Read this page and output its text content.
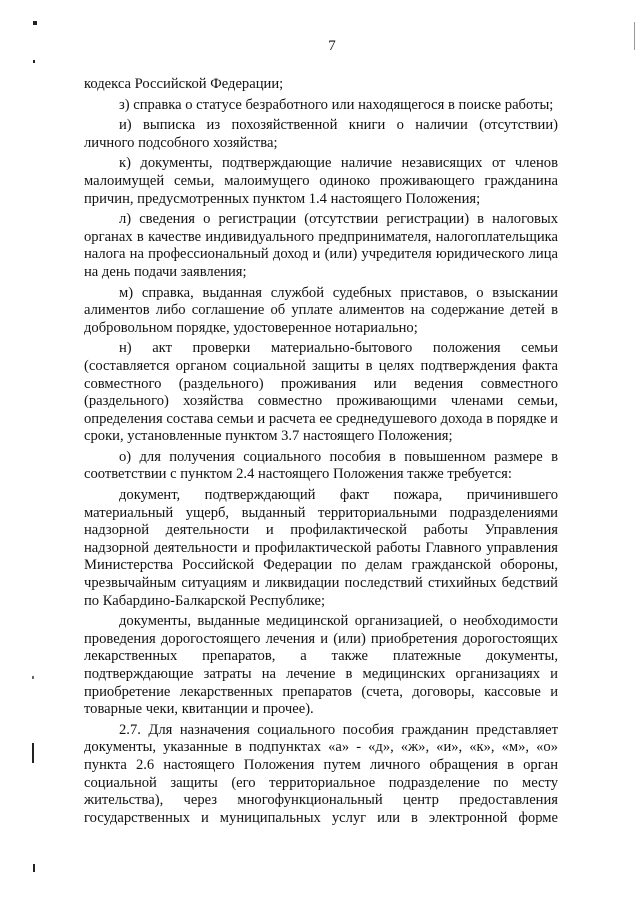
7

кодекса Российской Федерации;

з) справка о статусе безработного или находящегося в поиске работы;

и) выписка из похозяйственной книги о наличии (отсутствии) личного подсобного хозяйства;

к) документы, подтверждающие наличие независящих от членов малоимущей семьи, малоимущего одиноко проживающего гражданина причин, предусмотренных пунктом 1.4 настоящего Положения;

л) сведения о регистрации (отсутствии регистрации) в налоговых органах в качестве индивидуального предпринимателя, налогоплательщика налога на профессиональный доход и (или) учредителя юридического лица на день подачи заявления;

м) справка, выданная службой судебных приставов, о взыскании алиментов либо соглашение об уплате алиментов на содержание детей в добровольном порядке, удостоверенное нотариально;

н) акт проверки материально-бытового положения семьи (составляется органом социальной защиты в целях подтверждения факта совместного (раздельного) проживания или ведения совместного (раздельного) хозяйства совместно проживающими членами семьи, определения состава семьи и расчета ее среднедушевого дохода в порядке и сроки, установленные пунктом 3.7 настоящего Положения;

о) для получения социального пособия в повышенном размере в соответствии с пунктом 2.4 настоящего Положения также требуется:

документ, подтверждающий факт пожара, причинившего материальный ущерб, выданный территориальными подразделениями надзорной деятельности и профилактической работы Управления надзорной деятельности и профилактической работы Главного управления Министерства Российской Федерации по делам гражданской обороны, чрезвычайным ситуациям и ликвидации последствий стихийных бедствий по Кабардино-Балкарской Республике;

документы, выданные медицинской организацией, о необходимости проведения дорогостоящего лечения и (или) приобретения дорогостоящих лекарственных препаратов, а также платежные документы, подтверждающие затраты на лечение в медицинских организациях и приобретение лекарственных препаратов (счета, договоры, кассовые и товарные чеки, квитанции и прочее).

2.7. Для назначения социального пособия гражданин представляет документы, указанные в подпунктах «а» - «д», «ж», «и», «к», «м», «о» пункта 2.6 настоящего Положения путем личного обращения в орган социальной защиты (его территориальное подразделение по месту жительства), через многофункциональный центр предоставления государственных и муниципальных услуг или в электронной форме
